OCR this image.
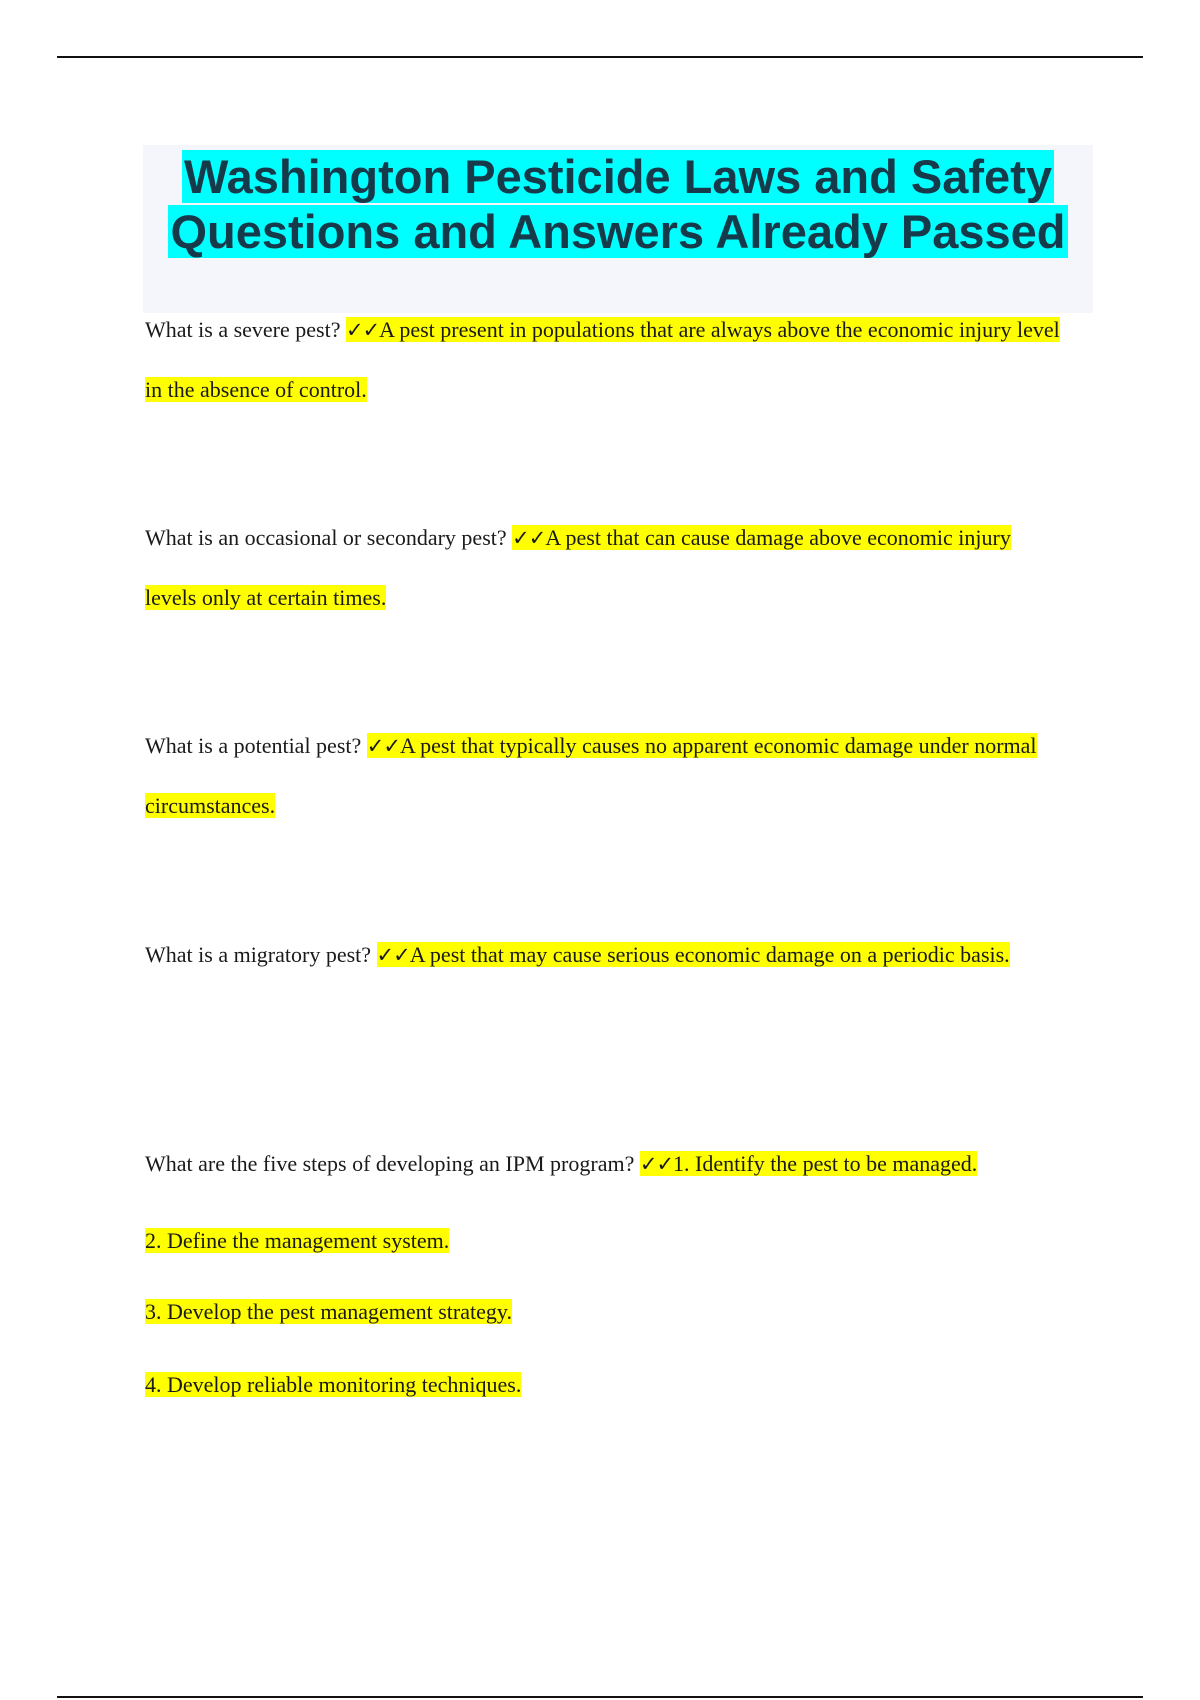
Washington Pesticide Laws and Safety
Questions and Answers Already Passed

What is a severe pest? ✓✓A pest present in populations that are always above the economic injury level in the absence of control.

What is an occasional or secondary pest? ✓✓A pest that can cause damage above economic injury levels only at certain times.

What is a potential pest? ✓✓A pest that typically causes no apparent economic damage under normal circumstances.

What is a migratory pest? ✓✓A pest that may cause serious economic damage on a periodic basis.

What are the five steps of developing an IPM program? ✓✓1. Identify the pest to be managed.

2. Define the management system.

3. Develop the pest management strategy.

4. Develop reliable monitoring techniques.
